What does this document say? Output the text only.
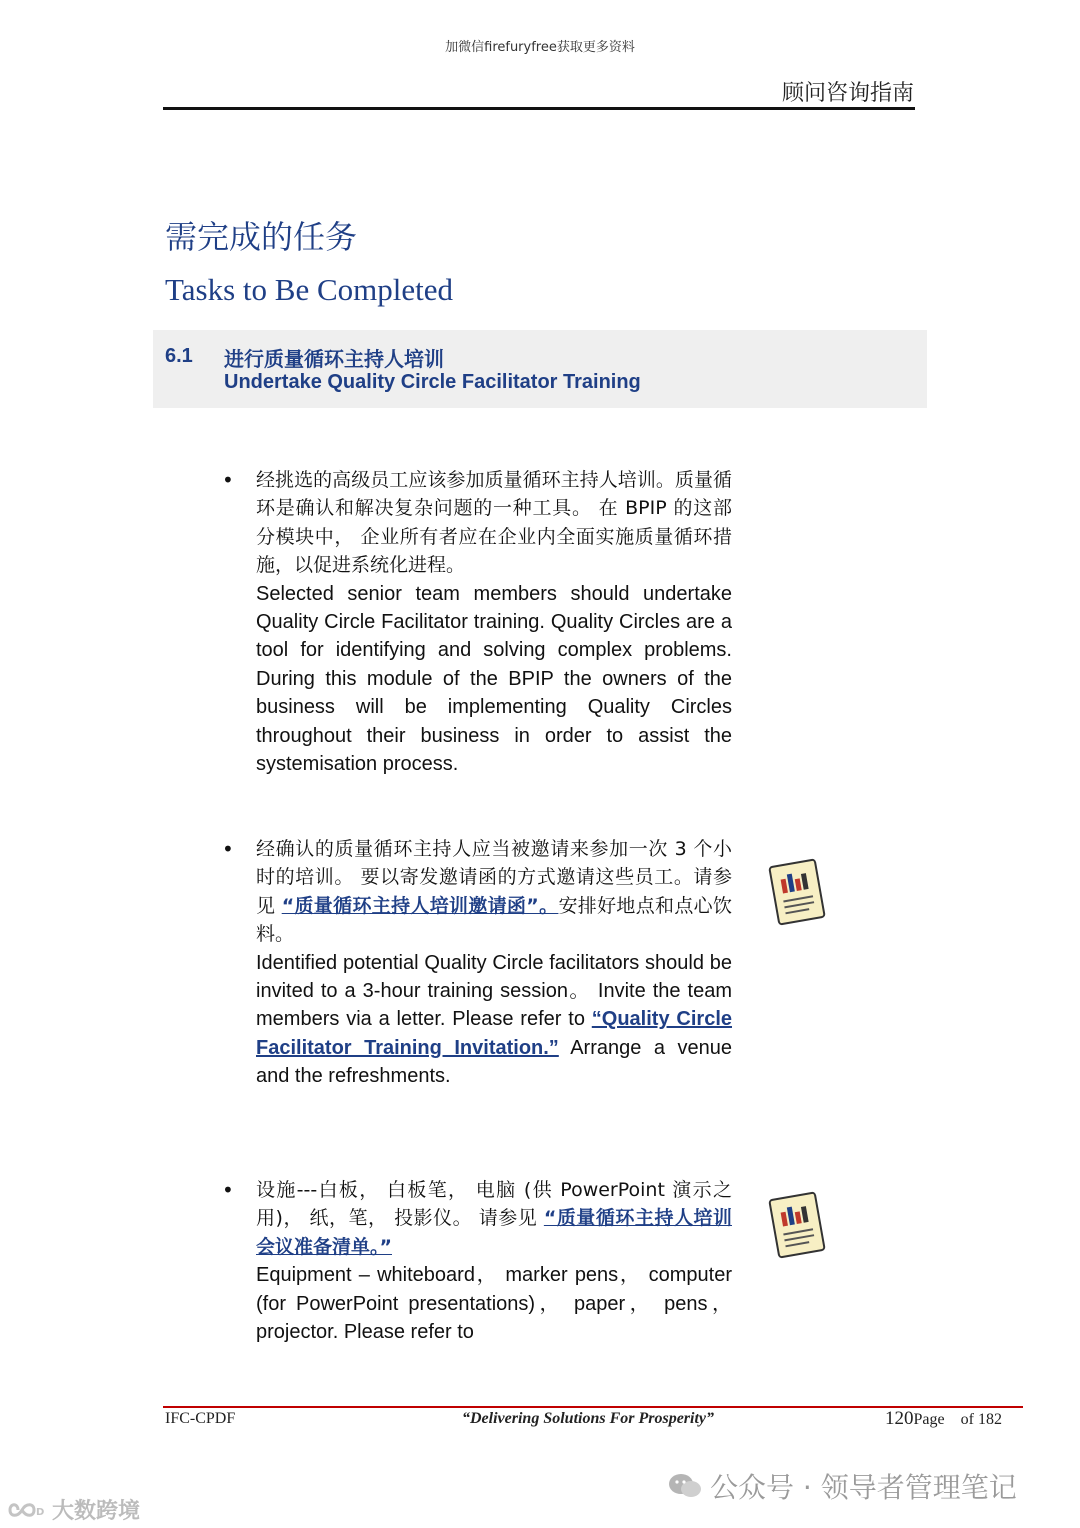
加微信firefuryfree获取更多资料
顾问咨询指南
需完成的任务
Tasks to Be Completed
6.1 进行质量循环主持人培训
Undertake Quality Circle Facilitator Training
• 经挑选的高级员工应该参加质量循环主持人培训。质量循环是确认和解决复杂问题的一种工具。 在 BPIP 的这部分模块中， 企业所有者应在企业内全面实施质量循环措施，以促进系统化进程。
Selected senior team members should undertake Quality Circle Facilitator training. Quality Circles are a tool for identifying and solving complex problems. During this module of the BPIP the owners of the business will be implementing Quality Circles throughout their business in order to assist the systemisation process.
• 经确认的质量循环主持人应当被邀请来参加一次 3 个小时的培训。 要以寄发邀请函的方式邀请这些员工。请参见 “质量循环主持人培训邀请函”。安排好地点和点心饮料。
Identified potential Quality Circle facilitators should be invited to a 3-hour training session。 Invite the team members via a letter. Please refer to “Quality Circle Facilitator Training Invitation.” Arrange a venue and the refreshments.
• 设施---白板， 白板笔， 电脑 (供 PowerPoint 演示之用)， 纸，笔， 投影仪。 请参见 “质量循环主持人培训会议准备清单。”
Equipment – whiteboard， marker pens， computer (for PowerPoint presentations)， paper， pens， projector. Please refer to
IFC-CPDF	“Delivering Solutions For Prosperity”	120Page of 182
公众号 · 领导者管理笔记
D 大数跨境
